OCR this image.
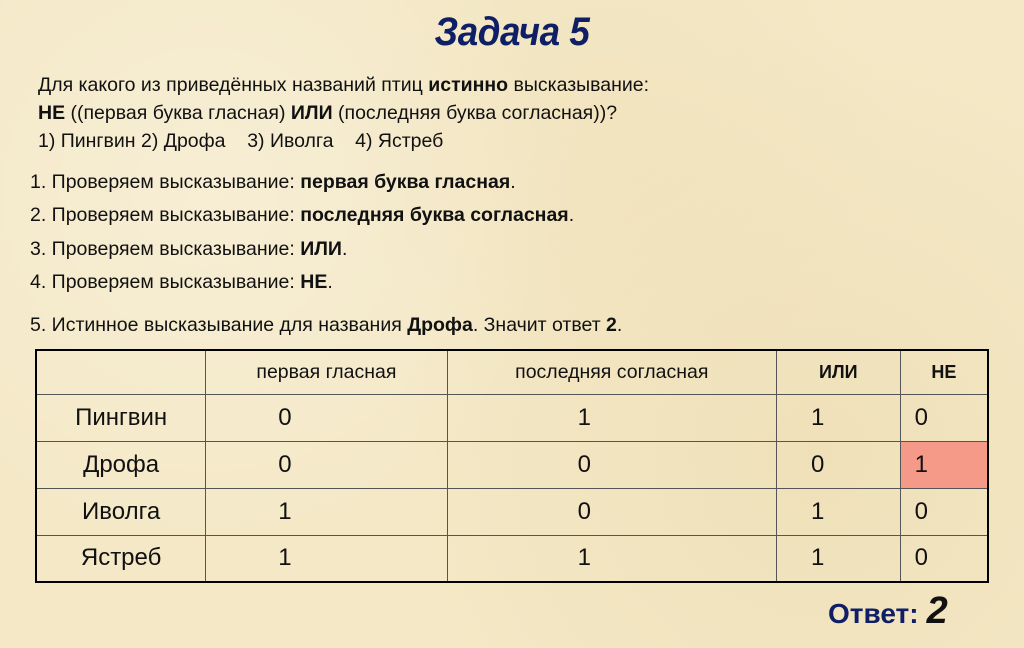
Задача 5
Для какого из приведённых названий птиц истинно высказывание:
НЕ ((первая буква гласная) ИЛИ (последняя буква согласная))?
1) Пингвин 2) Дрофа    3) Иволга    4) Ястреб
1. Проверяем высказывание: первая буква гласная.
2. Проверяем высказывание: последняя буква согласная.
3. Проверяем высказывание: ИЛИ.
4. Проверяем высказывание: НЕ.
5. Истинное высказывание для названия Дрофа. Значит ответ 2.
	первая гласная	последняя согласная	ИЛИ	НЕ
Пингвин	0	1	1	0
Дрофа	0	0	0	1
Иволга	1	0	1	0
Ястреб	1	1	1	0
Ответ: 2
